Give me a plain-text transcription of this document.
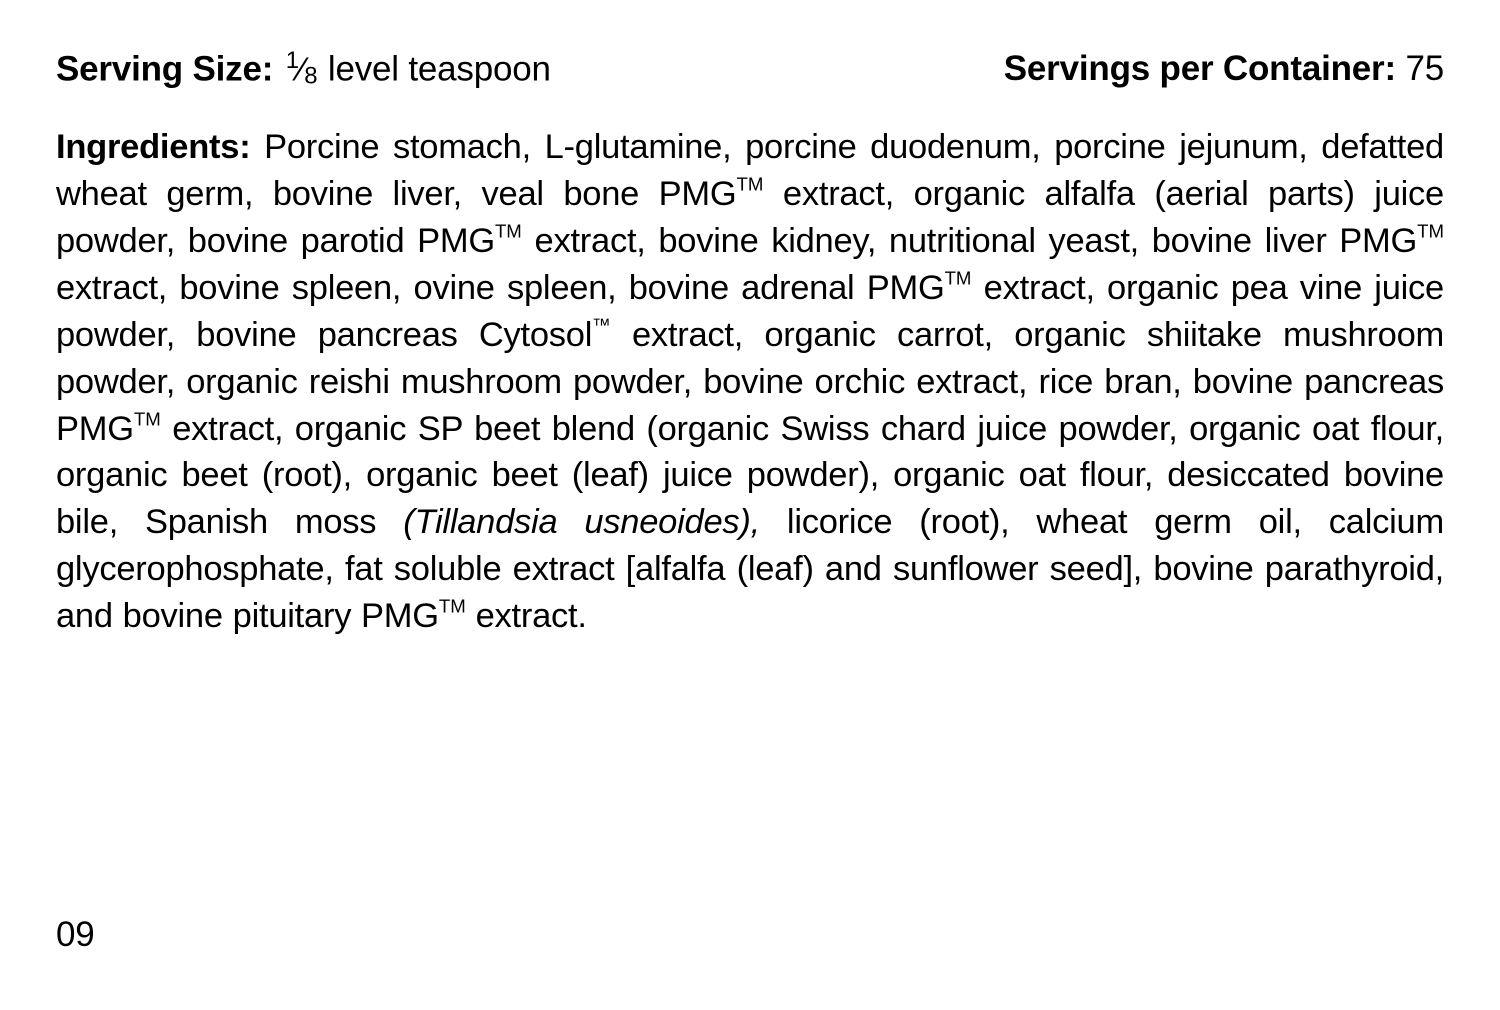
Serving Size: $^1$⁄8 level teaspoon	Servings per Container: 75

Ingredients: Porcine stomach, L-glutamine, porcine duodenum, porcine jejunum, defatted wheat germ, bovine liver, veal bone PMG™ extract, organic alfalfa (aerial parts) juice powder, bovine parotid PMG™ extract, bovine kidney, nutritional yeast, bovine liver PMG™ extract, bovine spleen, ovine spleen, bovine adrenal PMG™ extract, organic pea vine juice powder, bovine pancreas Cytosol™ extract, organic carrot, organic shiitake mushroom powder, organic reishi mushroom powder, bovine orchic extract, rice bran, bovine pancreas PMG™ extract, organic SP beet blend (organic Swiss chard juice powder, organic oat flour, organic beet (root), organic beet (leaf) juice powder), organic oat flour, desiccated bovine bile, Spanish moss (Tillandsia usneoides), licorice (root), wheat germ oil, calcium glycerophosphate, fat soluble extract [alfalfa (leaf) and sunflower seed], bovine parathyroid, and bovine pituitary PMG™ extract.

09
